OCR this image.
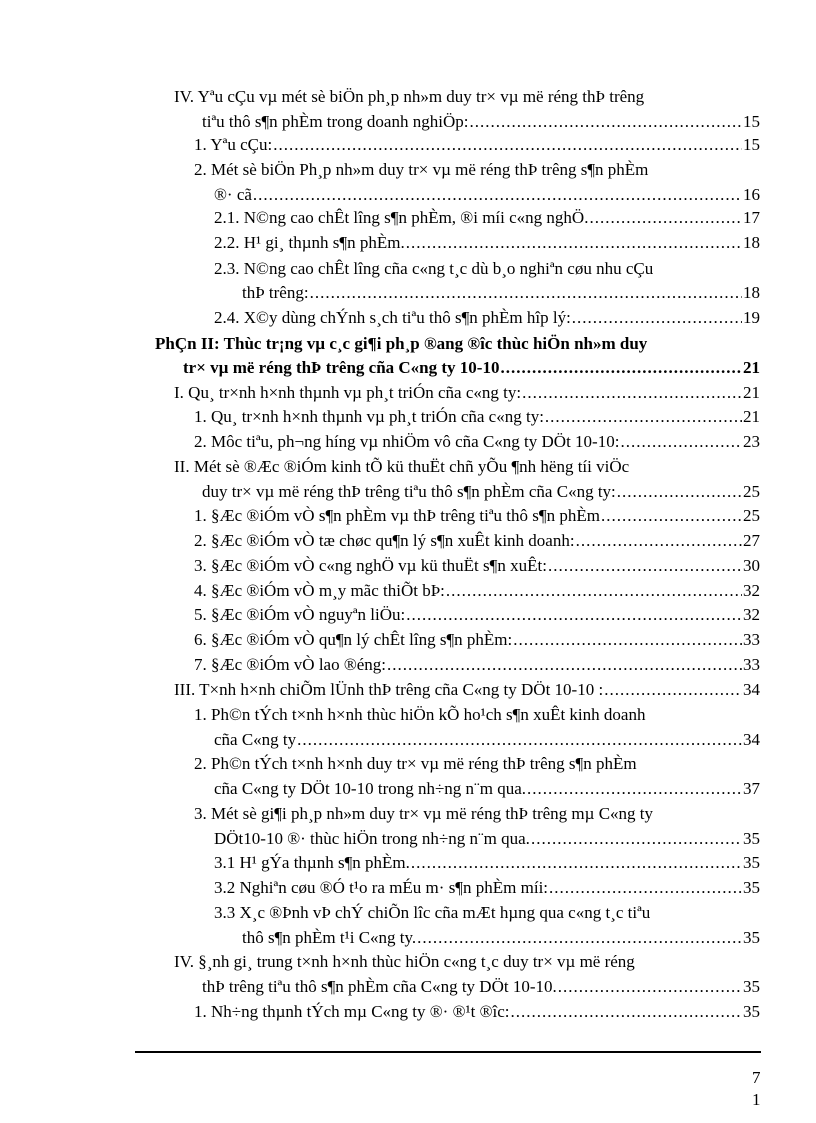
IV. Yªu cÇu vµ mét sè biÖn ph¸p nh»m duy tr× vµ më réng thÞ trêng
tiªu thô s¶n phÈm trong doanh nghiÖp: .....	15
1. Yªu cÇu: .....	15
2. Mét sè biÖn Ph¸p nh»m duy tr× vµ më réng thÞ trêng s¶n phÈm
®· cã .....	16
2.1. N©ng cao chÊt lîng s¶n phÈm, ®i míi c«ng nghÖ. .....	17
2.2. H¹ gi¸ thµnh s¶n phÈm. .....	18
2.3. N©ng cao chÊt lîng cña c«ng t¸c dù b¸o nghiªn cøu nhu cÇu
thÞ trêng: .....	18
2.4. X©y dùng chÝnh s¸ch tiªu thô s¶n phÈm hîp lý: .....	19
PhÇn II: Thùc tr¡ng vµ c¸c gi¶i ph¸p ®ang ®îc thùc hiÖn nh»m duy
tr× vµ më réng thÞ trêng cña C«ng ty 10-10 .....	21
I. Qu¸ tr×nh h×nh thµnh vµ ph¸t triÓn cña c«ng ty: .....	21
1. Qu¸ tr×nh h×nh thµnh vµ ph¸t triÓn cña c«ng ty: .....	21
2. Môc tiªu, ph¬ng híng vµ nhiÖm vô cña C«ng ty DÖt 10-10: .....	23
II. Mét sè ®Æc ®iÓm kinh tÕ kü thuËt chñ yÕu ¶nh hëng tíi viÖc
duy tr× vµ më réng thÞ trêng tiªu thô s¶n phÈm cña C«ng ty: .....	25
1. §Æc ®iÓm vÒ s¶n phÈm vµ thÞ trêng tiªu thô s¶n phÈm .....	25
2. §Æc ®iÓm vÒ tæ chøc qu¶n lý s¶n xuÊt kinh doanh: .....	27
3. §Æc ®iÓm vÒ c«ng nghÖ vµ kü thuËt s¶n xuÊt: .....	30
4. §Æc ®iÓm vÒ m¸y mãc thiÕt bÞ: .....	32
5. §Æc ®iÓm vÒ nguyªn liÖu: .....	32
6. §Æc ®iÓm vÒ qu¶n lý chÊt lîng s¶n phÈm: .....	33
7. §Æc ®iÓm vÒ lao ®éng: .....	33
III. T×nh h×nh chiÕm lÜnh thÞ trêng cña C«ng ty DÖt 10-10 : .....	34
1. Ph©n tÝch t×nh h×nh thùc hiÖn kÕ ho¹ch s¶n xuÊt kinh doanh
cña C«ng ty .....	34
2. Ph©n tÝch t×nh h×nh duy tr× vµ më réng thÞ trêng s¶n phÈm
cña C«ng ty DÖt 10-10 trong nh÷ng n¨m qua. .....	37
3. Mét sè gi¶i ph¸p nh»m duy tr× vµ më réng thÞ trêng mµ C«ng ty
DÖt10-10 ®· thùc hiÖn trong nh÷ng n¨m qua. .....	35
3.1 H¹ gÝa thµnh s¶n phÈm. .....	35
3.2 Nghiªn cøu ®Ó t¹o ra mÉu m· s¶n phÈm míi: .....	35
3.3 X¸c ®Þnh vÞ chÝ chiÕn lîc cña mÆt hµng qua c«ng t¸c tiªu
thô s¶n phÈm t¹i C«ng ty. .....	35
IV. §¸nh gi¸ trung t×nh h×nh thùc hiÖn c«ng t¸c duy tr× vµ më réng
thÞ trêng tiªu thô s¶n phÈm cña C«ng ty DÖt 10-10. .....	35
1. Nh÷ng thµnh tÝch mµ C«ng ty ®· ®¹t ®îc: .....	35
7
1
